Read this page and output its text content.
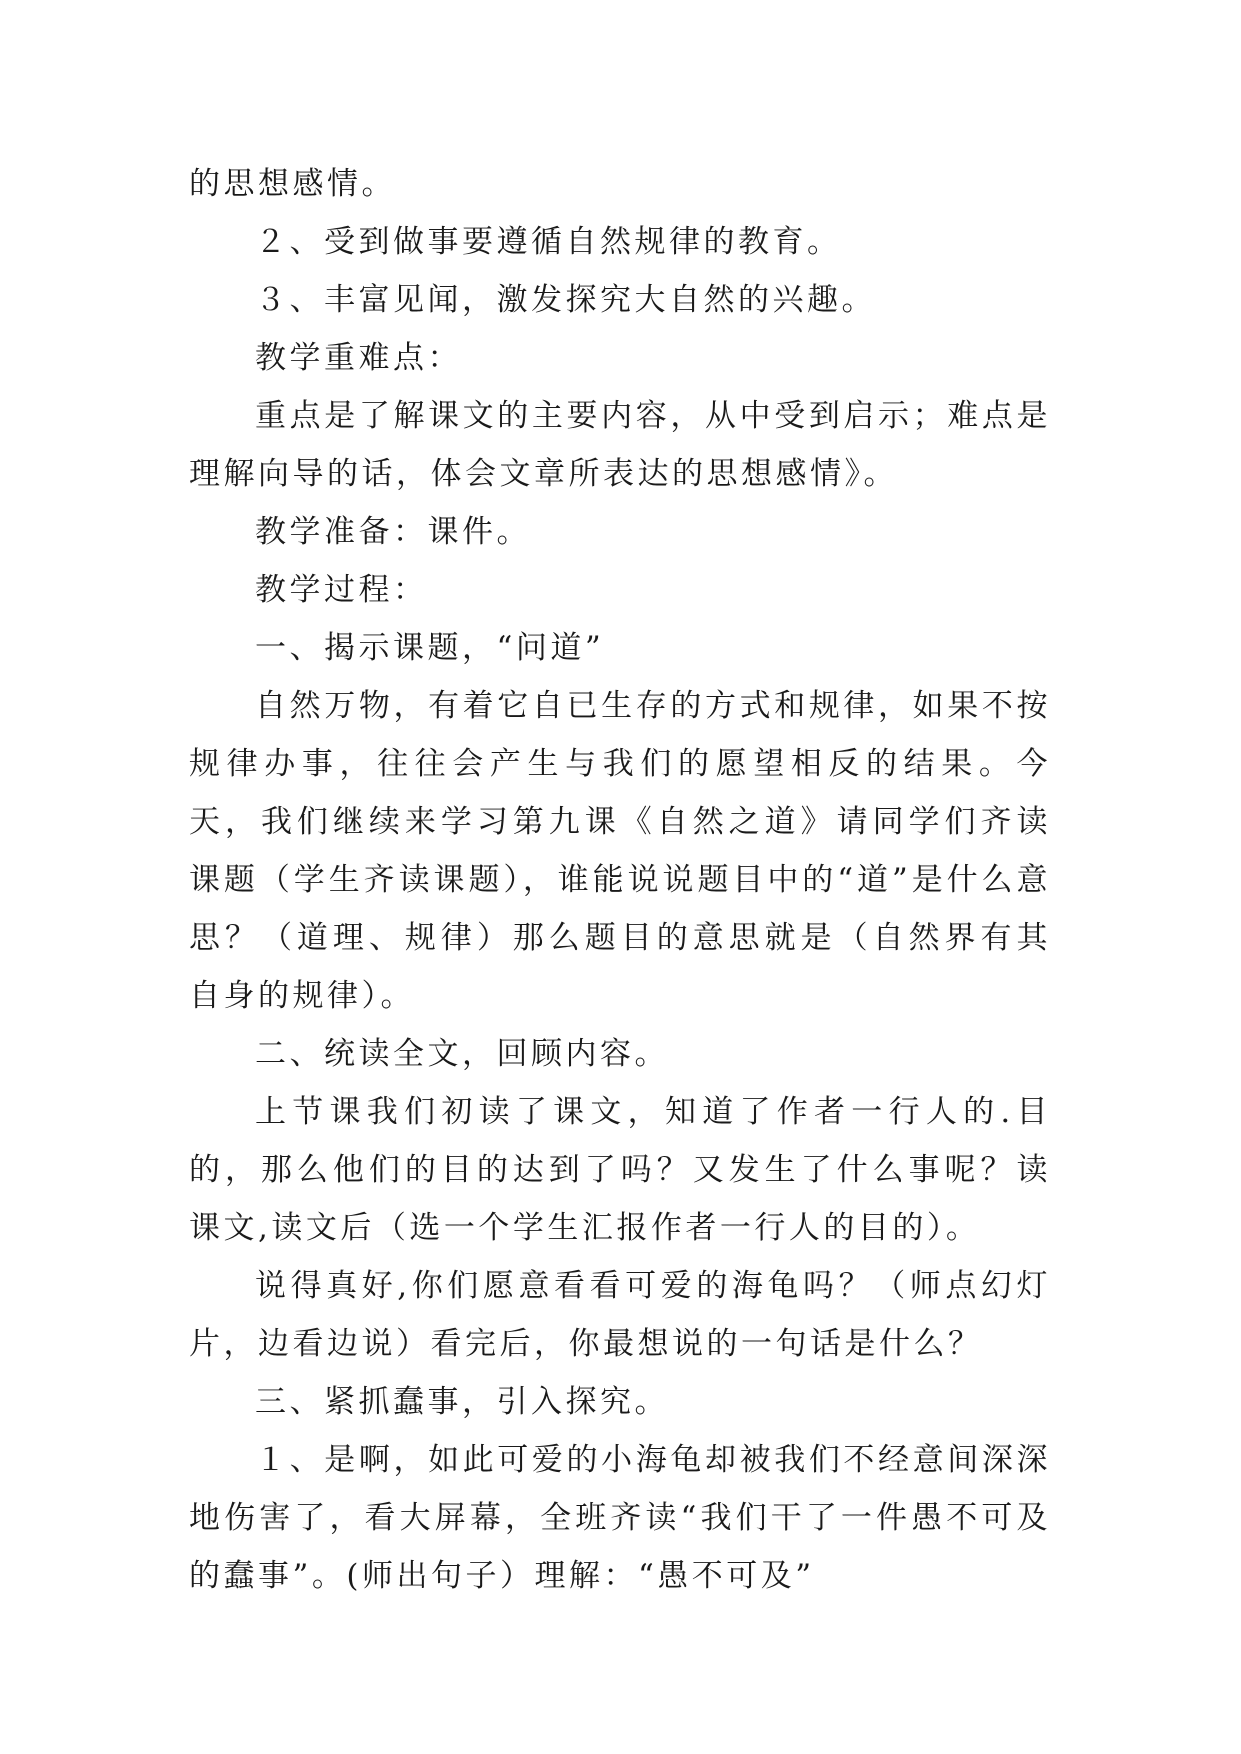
的思想感情。

２、受到做事要遵循自然规律的教育。

３、丰富见闻，激发探究大自然的兴趣。

教学重难点：

重点是了解课文的主要内容，从中受到启示；难点是理解向导的话，体会文章所表达的思想感情》。

教学准备：课件。

教学过程：

一、揭示课题，“问道”

自然万物，有着它自已生存的方式和规律，如果不按规律办事，往往会产生与我们的愿望相反的结果。今天，我们继续来学习第九课《自然之道》请同学们齐读课题（学生齐读课题），谁能说说题目中的“道”是什么意思？（道理、规律）那么题目的意思就是（自然界有其自身的规律）。

二、统读全文，回顾内容。

上节课我们初读了课文，知道了作者一行人的.目的，那么他们的目的达到了吗？又发生了什么事呢？读课文,读文后（选一个学生汇报作者一行人的目的）。

说得真好,你们愿意看看可爱的海龟吗？（师点幻灯片，边看边说）看完后，你最想说的一句话是什么？

三、紧抓蠢事，引入探究。

１、是啊，如此可爱的小海龟却被我们不经意间深深地伤害了，看大屏幕，全班齐读“我们干了一件愚不可及的蠢事”。(师出句子）理解：“愚不可及”
